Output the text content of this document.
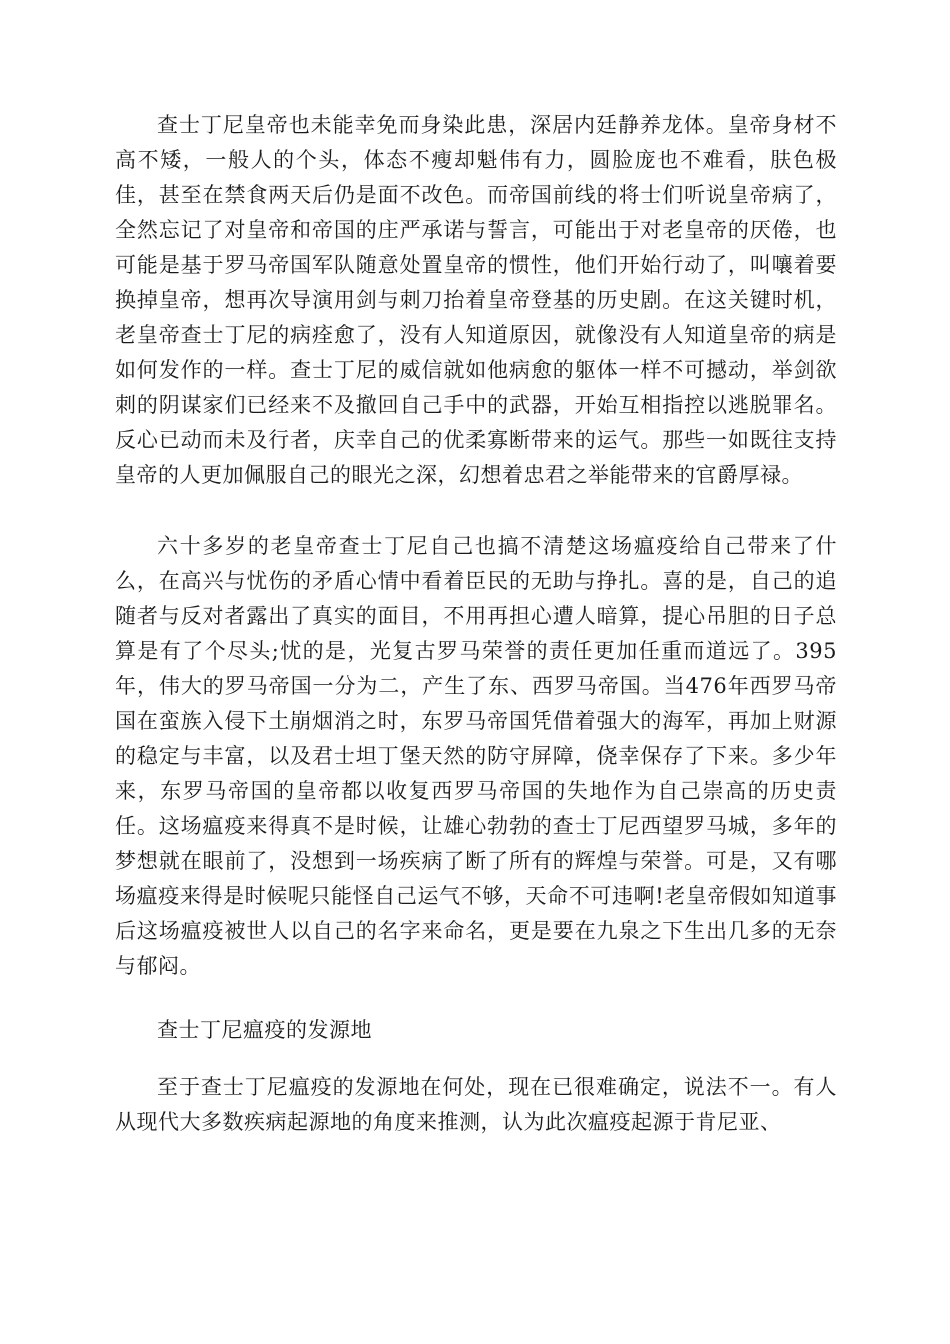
查士丁尼皇帝也未能幸免而身染此患，深居内廷静养龙体。皇帝身材不高不矮，一般人的个头，体态不瘦却魁伟有力，圆脸庞也不难看，肤色极佳，甚至在禁食两天后仍是面不改色。而帝国前线的将士们听说皇帝病了，全然忘记了对皇帝和帝国的庄严承诺与誓言，可能出于对老皇帝的厌倦，也可能是基于罗马帝国军队随意处置皇帝的惯性，他们开始行动了，叫嚷着要换掉皇帝，想再次导演用剑与刺刀抬着皇帝登基的历史剧。在这关键时机，老皇帝查士丁尼的病痊愈了，没有人知道原因，就像没有人知道皇帝的病是如何发作的一样。查士丁尼的威信就如他病愈的躯体一样不可撼动，举剑欲刺的阴谋家们已经来不及撤回自己手中的武器，开始互相指控以逃脱罪名。反心已动而未及行者，庆幸自己的优柔寡断带来的运气。那些一如既往支持皇帝的人更加佩服自己的眼光之深，幻想着忠君之举能带来的官爵厚禄。

六十多岁的老皇帝查士丁尼自己也搞不清楚这场瘟疫给自己带来了什么，在高兴与忧伤的矛盾心情中看着臣民的无助与挣扎。喜的是，自己的追随者与反对者露出了真实的面目，不用再担心遭人暗算，提心吊胆的日子总算是有了个尽头;忧的是，光复古罗马荣誉的责任更加任重而道远了。395年，伟大的罗马帝国一分为二，产生了东、西罗马帝国。当476年西罗马帝国在蛮族入侵下土崩烟消之时，东罗马帝国凭借着强大的海军，再加上财源的稳定与丰富，以及君士坦丁堡天然的防守屏障，侥幸保存了下来。多少年来，东罗马帝国的皇帝都以收复西罗马帝国的失地作为自己崇高的历史责任。这场瘟疫来得真不是时候，让雄心勃勃的查士丁尼西望罗马城，多年的梦想就在眼前了，没想到一场疾病了断了所有的辉煌与荣誉。可是，又有哪场瘟疫来得是时候呢只能怪自己运气不够，天命不可违啊!老皇帝假如知道事后这场瘟疫被世人以自己的名字来命名，更是要在九泉之下生出几多的无奈与郁闷。

查士丁尼瘟疫的发源地

至于查士丁尼瘟疫的发源地在何处，现在已很难确定，说法不一。有人从现代大多数疾病起源地的角度来推测，认为此次瘟疫起源于肯尼亚、
